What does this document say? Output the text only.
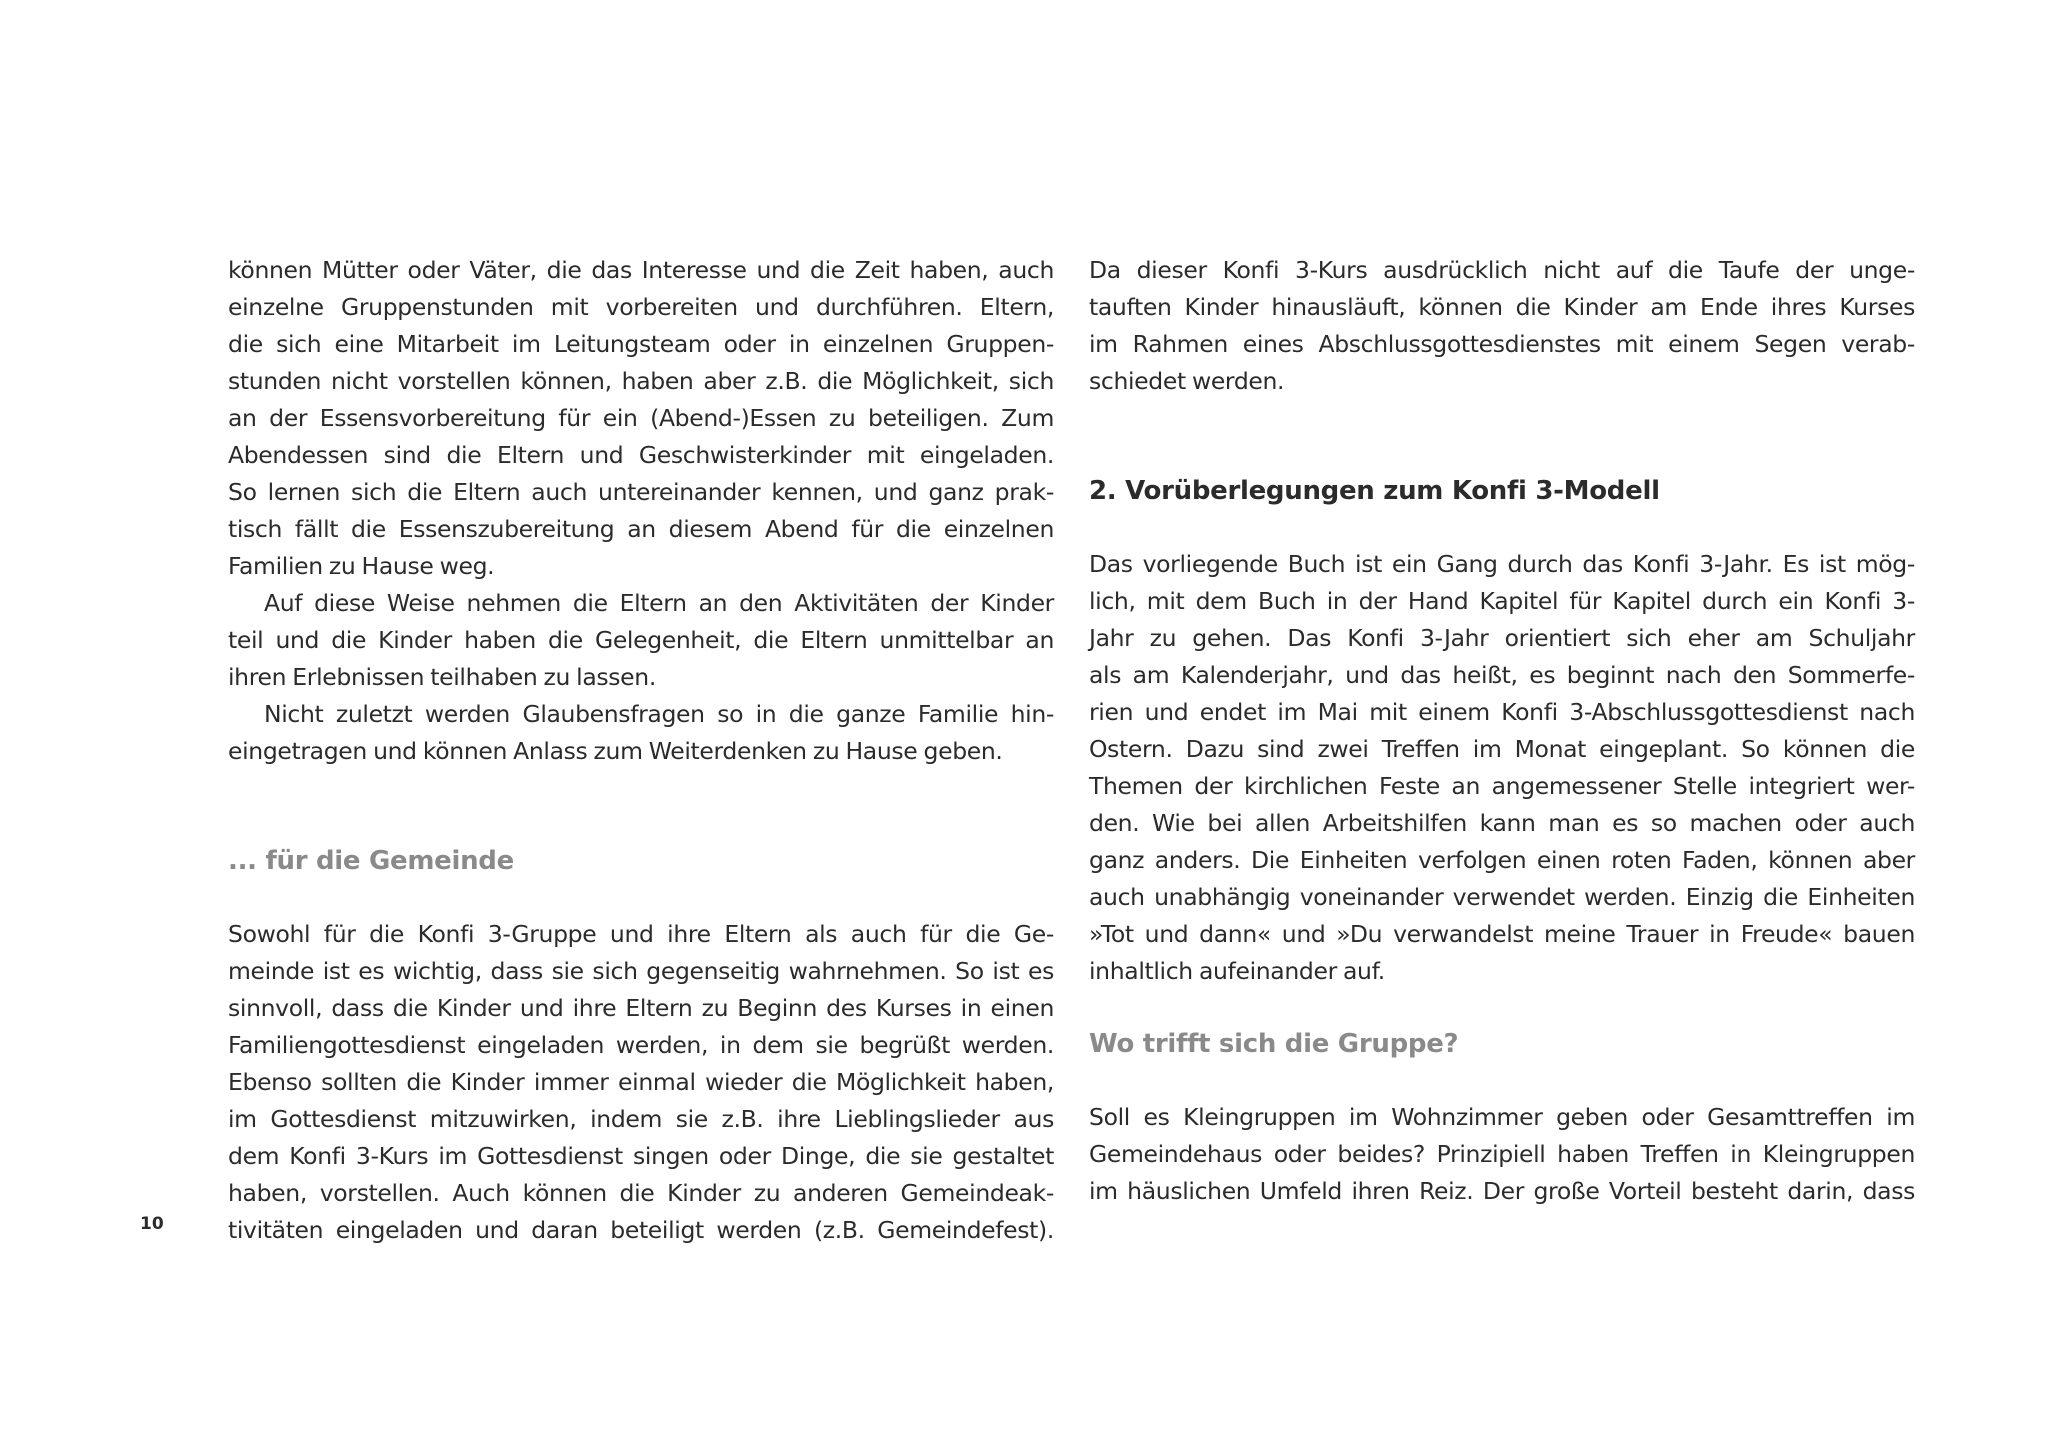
können Mütter oder Väter, die das Interesse und die Zeit haben, auch
einzelne Gruppenstunden mit vorbereiten und durchführen. Eltern,
die sich eine Mitarbeit im Leitungsteam oder in einzelnen Gruppen-
stunden nicht vorstellen können, haben aber z.B. die Möglichkeit, sich
an der Essensvorbereitung für ein (Abend-)Essen zu beteiligen. Zum
Abendessen sind die Eltern und Geschwisterkinder mit eingeladen.
So lernen sich die Eltern auch untereinander kennen, und ganz prak-
tisch fällt die Essenszubereitung an diesem Abend für die einzelnen
Familien zu Hause weg.
Auf diese Weise nehmen die Eltern an den Aktivitäten der Kinder
teil und die Kinder haben die Gelegenheit, die Eltern unmittelbar an
ihren Erlebnissen teilhaben zu lassen.
Nicht zuletzt werden Glaubensfragen so in die ganze Familie hin-
eingetragen und können Anlass zum Weiterdenken zu Hause geben.
... für die Gemeinde
Sowohl für die Konfi 3-Gruppe und ihre Eltern als auch für die Ge-
meinde ist es wichtig, dass sie sich gegenseitig wahrnehmen. So ist es
sinnvoll, dass die Kinder und ihre Eltern zu Beginn des Kurses in einen
Familiengottesdienst eingeladen werden, in dem sie begrüßt werden.
Ebenso sollten die Kinder immer einmal wieder die Möglichkeit haben,
im Gottesdienst mitzuwirken, indem sie z.B. ihre Lieblingslieder aus
dem Konfi 3-Kurs im Gottesdienst singen oder Dinge, die sie gestaltet
haben, vorstellen. Auch können die Kinder zu anderen Gemeindeak-
tivitäten eingeladen und daran beteiligt werden (z.B. Gemeindefest).
Da dieser Konfi 3-Kurs ausdrücklich nicht auf die Taufe der unge-
tauften Kinder hinausläuft, können die Kinder am Ende ihres Kurses
im Rahmen eines Abschlussgottesdienstes mit einem Segen verab-
schiedet werden.
2. Vorüberlegungen zum Konfi 3-Modell
Das vorliegende Buch ist ein Gang durch das Konfi 3-Jahr. Es ist mög-
lich, mit dem Buch in der Hand Kapitel für Kapitel durch ein Konfi 3-
Jahr zu gehen. Das Konfi 3-Jahr orientiert sich eher am Schuljahr
als am Kalenderjahr, und das heißt, es beginnt nach den Sommerfe-
rien und endet im Mai mit einem Konfi 3-Abschlussgottesdienst nach
Ostern. Dazu sind zwei Treffen im Monat eingeplant. So können die
Themen der kirchlichen Feste an angemessener Stelle integriert wer-
den. Wie bei allen Arbeitshilfen kann man es so machen oder auch
ganz anders. Die Einheiten verfolgen einen roten Faden, können aber
auch unabhängig voneinander verwendet werden. Einzig die Einheiten
»Tot und dann« und »Du verwandelst meine Trauer in Freude« bauen
inhaltlich aufeinander auf.
Wo trifft sich die Gruppe?
Soll es Kleingruppen im Wohnzimmer geben oder Gesamttreffen im
Gemeindehaus oder beides? Prinzipiell haben Treffen in Kleingruppen
im häuslichen Umfeld ihren Reiz. Der große Vorteil besteht darin, dass
10
